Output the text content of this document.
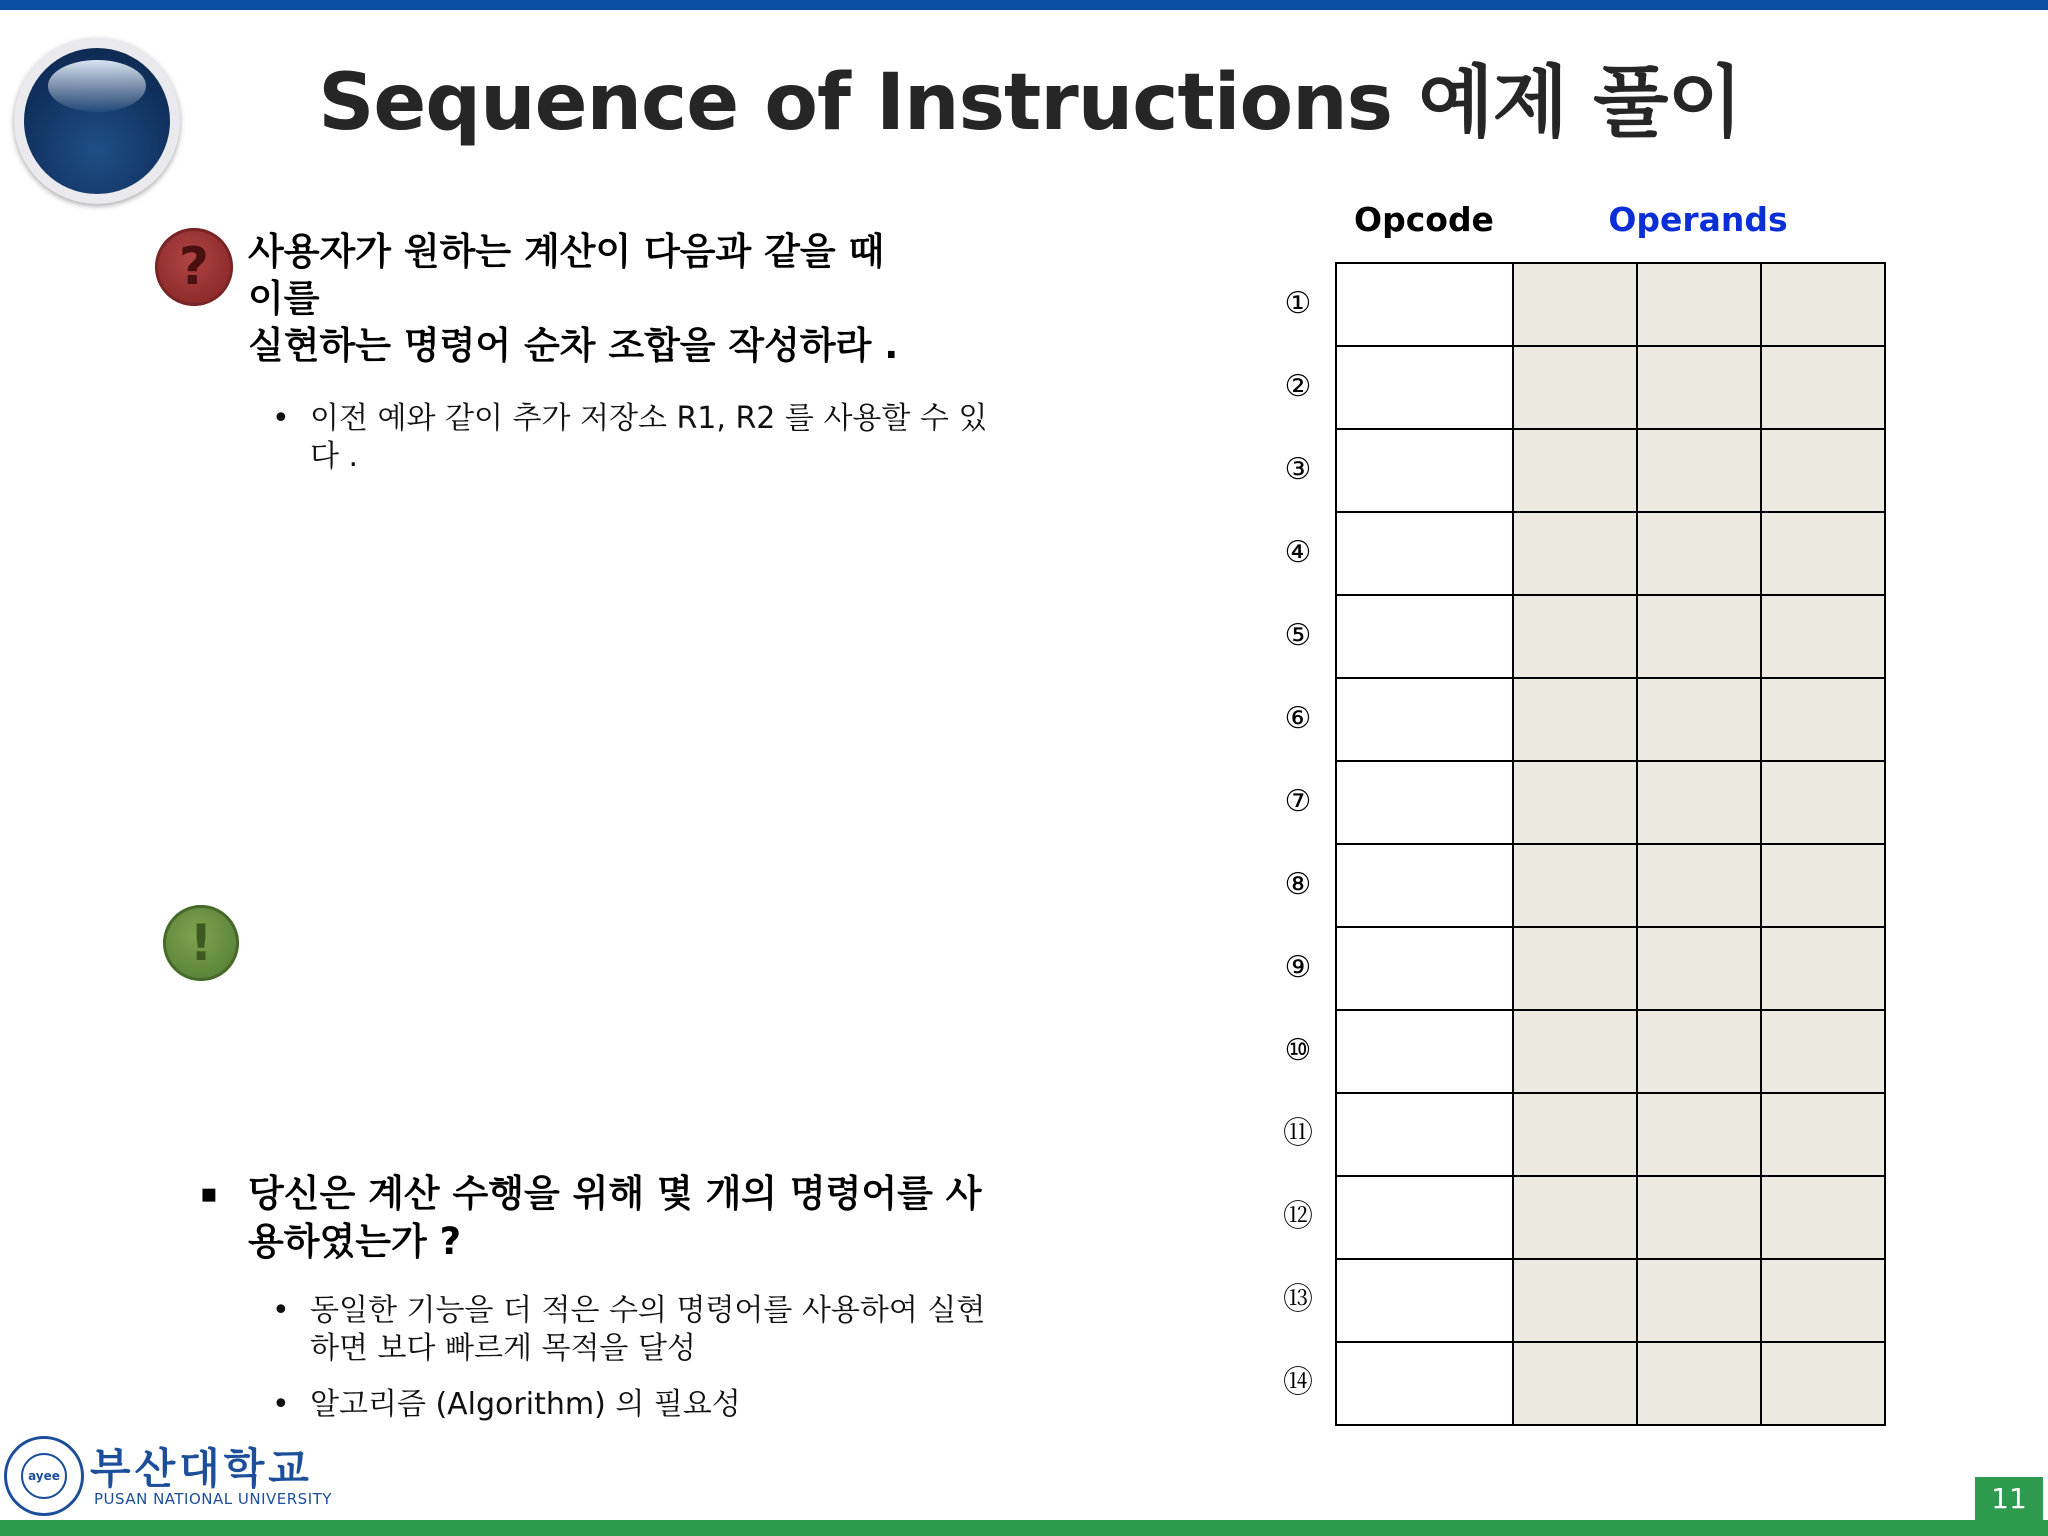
Sequence of Instructions 예제 풀이
?	사용자가 원하는 계산이 다음과 같을 때
이를
실현하는 명령어 순차 조합을 작성하라 .
• 이전 예와 같이 추가 저장소 R1, R2 를 사용할 수 있다 .
!
▪ 당신은 계산 수행을 위해 몇 개의 명령어를 사용하였는가 ?
• 동일한 기능을 더 적은 수의 명령어를 사용하여 실현하면 보다 빠르게 목적을 달성
• 알고리즘 (Algorithm) 의 필요성
Opcode	Operands
①
②
③
④
⑤
⑥
⑦
⑧
⑨
⑩
⑪
⑫
⑬
⑭

ayee 부산대학교
PUSAN NATIONAL UNIVERSITY	11
